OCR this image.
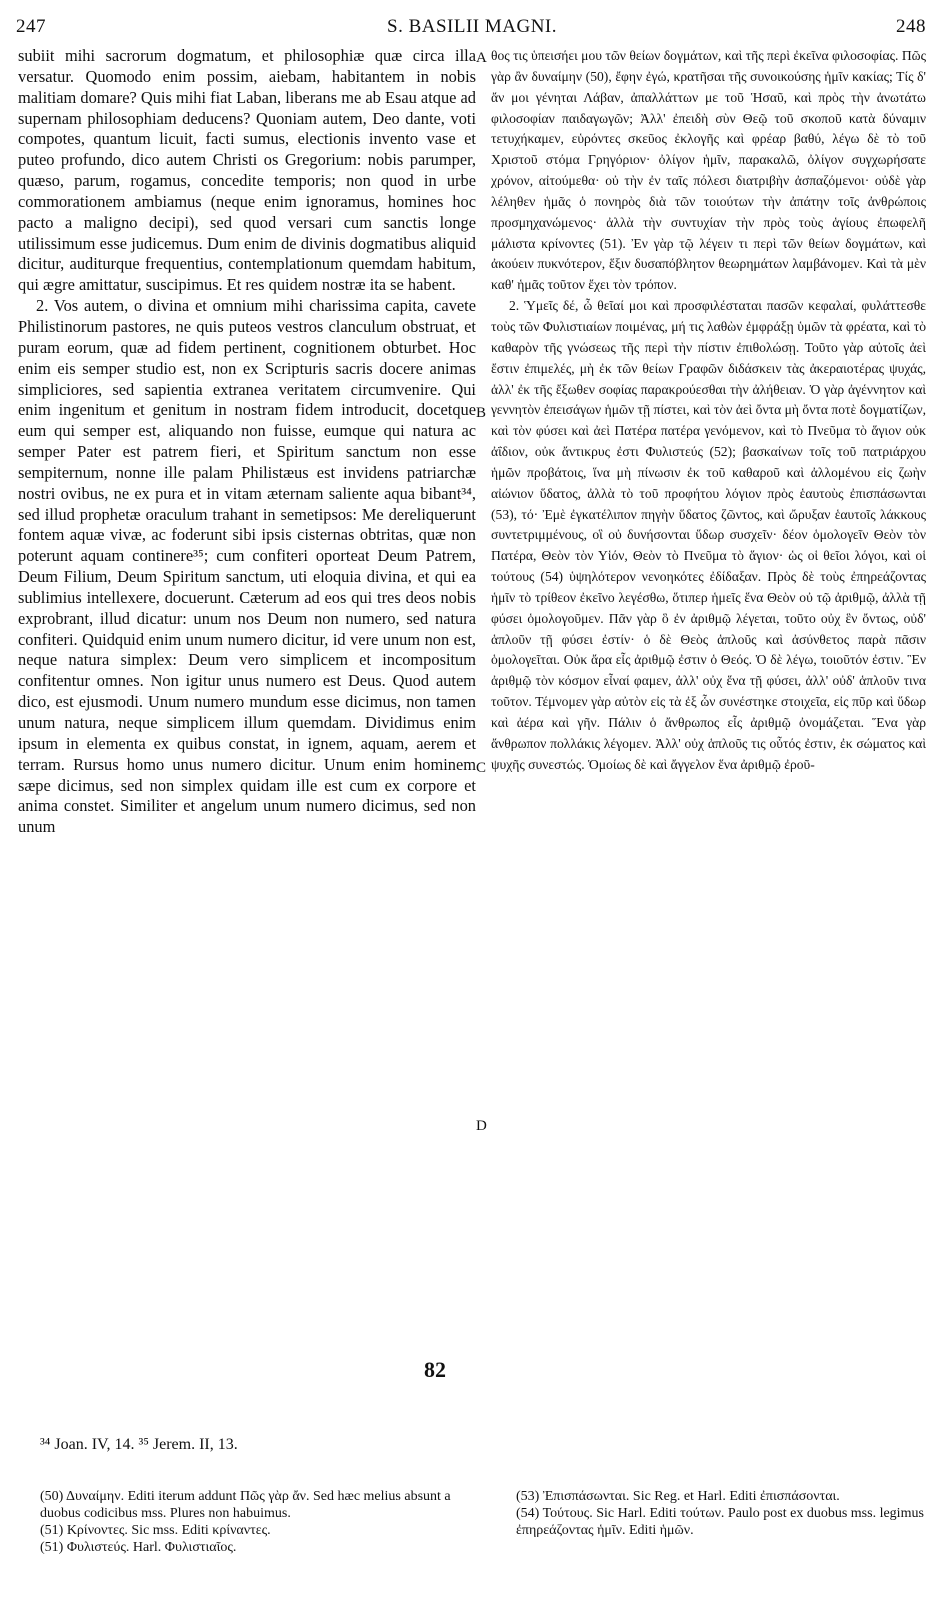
S. BASILII MAGNI.
247	248

subiit mihi sacrorum dogmatum, et philosophiæ quæ circa illa versatur. Quomodo enim possim, aiebam, habitantem in nobis malitiam domare? Quis mihi fiat Laban, liberans me ab Esau atque ad supernam philosophiam deducens? Quoniam autem, Deo dante, voti compotes, quantum licuit, facti sumus, electionis invento vase et puteo profundo, dico autem Christi os Gregorium: nobis parumper, quæso, parum, rogamus, concedite temporis; non quod in urbe commorationem ambiamus (neque enim ignoramus, homines hoc pacto a maligno decipi), sed quod versari cum sanctis longe utilissimum esse judicemus. Dum enim de divinis dogmatibus aliquid dicitur, auditurque frequentius, contemplationum quemdam habitum, qui ægre amittatur, suscipimus. Et res quidem nostræ ita se habent.

2. Vos autem, o divina et omnium mihi charissima capita, cavete Philistinorum pastores, ne quis puteos vestros clanculum obstruat, et puram eorum, quæ ad fidem pertinent, cognitionem obturbet. Hoc enim eis semper studio est, non ex Scripturis sacris docere animas simpliciores, sed sapientia extranea veritatem circumvenire. Qui enim ingenitum et genitum in nostram fidem introducit, docetque eum qui semper est, aliquando non fuisse, eumque qui natura ac semper Pater est patrem fieri, et Spiritum sanctum non esse sempiternum, nonne ille palam Philistæus est invidens patriarchæ nostri ovibus, ne ex pura et in vitam æternam saliente aqua bibant³⁴, sed illud prophetæ oraculum trahant in semetipsos: Me dereliquerunt fontem aquæ vivæ, ac foderunt sibi ipsis cisternas obtritas, quæ non poterunt aquam continere³⁵; cum confiteri oporteat Deum Patrem, Deum Filium, Deum Spiritum sanctum, uti eloquia divina, et qui ea sublimius intellexere, docuerunt. Cæterum ad eos qui tres deos nobis exprobrant, illud dicatur: unum nos Deum non numero, sed natura confiteri. Quidquid enim unum numero dicitur, id vere unum non est, neque natura simplex: Deum vero simplicem et incompositum confitentur omnes. Non igitur unus numero est Deus. Quod autem dico, est ejusmodi. Unum numero mundum esse dicimus, non tamen unum natura, neque simplicem illum quemdam. Dividimus enim ipsum in elementa ex quibus constat, in ignem, aquam, aerem et terram. Rursus homo unus numero dicitur. Unum enim hominem sæpe dicimus, sed non simplex quidam ille est cum ex corpore et anima constet. Similiter et angelum unum numero dicimus, sed non unum

θος τις ὑπεισήει μου τῶν θείων δογμάτων, καὶ τῆς περὶ ἐκεῖνα φιλοσοφίας. Πῶς γὰρ ἂν δυναίμην (50), ἔφην ἐγώ, κρατῆσαι τῆς συνοικούσης ἡμῖν κακίας; Τίς δ' ἄν μοι γένηται Λάβαν, ἀπαλλάττων με τοῦ Ἡσαῦ, καὶ πρὸς τὴν ἀνωτάτω φιλοσοφίαν παιδαγωγῶν; Ἀλλ' ἐπειδὴ σὺν Θεῷ τοῦ σκοποῦ κατὰ δύναμιν τετυχήκαμεν, εὑρόντες σκεῦος ἐκλογῆς καὶ φρέαρ βαθύ, λέγω δὲ τὸ τοῦ Χριστοῦ στόμα Γρηγόριον· ὀλίγον ἡμῖν, παρακαλῶ, ὀλίγον συγχωρήσατε χρόνον, αἰτούμεθα· οὐ τὴν ἐν ταῖς πόλεσι διατριβὴν ἀσπαζόμενοι· οὐδὲ γὰρ λέληθεν ἡμᾶς ὁ πονηρὸς διὰ τῶν τοιούτων τὴν ἀπάτην τοῖς ἀνθρώποις προσμηχανώμενος· ἀλλὰ τὴν συντυχίαν τὴν πρὸς τοὺς ἁγίους ἐπωφελῆ μάλιστα κρίνοντες (51). Ἐν γὰρ τῷ λέγειν τι περὶ τῶν θείων δογμάτων, καὶ ἀκούειν πυκνότερον, ἕξιν δυσαπόβλητον θεωρημάτων λαμβάνομεν. Καὶ τὰ μὲν καθ' ἡμᾶς τοῦτον ἔχει τὸν τρόπον.

2. Ὑμεῖς δέ, ὦ θεῖαί μοι καὶ προσφιλέσταται πασῶν κεφαλαί, φυλάττεσθε τοὺς τῶν Φυλιστιαίων ποιμένας, μή τις λαθὼν ἐμφράξῃ ὑμῶν τὰ φρέατα, καὶ τὸ καθαρὸν τῆς γνώσεως τῆς περὶ τὴν πίστιν ἐπιθολώσῃ. Τοῦτο γὰρ αὐτοῖς ἀεὶ ἔστιν ἐπιμελές, μὴ ἐκ τῶν θείων Γραφῶν διδάσκειν τὰς ἀκεραιοτέρας ψυχάς, ἀλλ' ἐκ τῆς ἔξωθεν σοφίας παρακρούεσθαι τὴν ἀλήθειαν. Ὁ γὰρ ἀγέννητον καὶ γεννητὸν ἐπεισάγων ἡμῶν τῇ πίστει, καὶ τὸν ἀεὶ ὄντα μὴ ὄντα ποτὲ δογματίζων, καὶ τὸν φύσει καὶ ἀεὶ Πατέρα πατέρα γενόμενον, καὶ τὸ Πνεῦμα τὸ ἅγιον οὐκ ἀΐδιον, οὐκ ἄντικρυς ἐστι Φυλιστεύς (52); βασκαίνων τοῖς τοῦ πατριάρχου ἡμῶν προβάτοις, ἵνα μὴ πίνωσιν ἐκ τοῦ καθαροῦ καὶ ἀλλομένου εἰς ζωὴν αἰώνιον ὕδατος, ἀλλὰ τὸ τοῦ προφήτου λόγιον πρὸς ἑαυτοὺς ἐπισπάσωνται (53), τό· Ἐμὲ ἐγκατέλιπον πηγὴν ὕδατος ζῶντος, καὶ ὤρυξαν ἑαυτοῖς λάκκους συντετριμμένους, οἳ οὐ δυνήσονται ὕδωρ συσχεῖν· δέον ὁμολογεῖν Θεὸν τὸν Πατέρα, Θεὸν τὸν Υἱόν, Θεὸν τὸ Πνεῦμα τὸ ἅγιον· ὡς οἱ θεῖοι λόγοι, καὶ οἱ τούτους (54) ὑψηλότερον νενοηκότες ἐδίδαξαν. Πρὸς δὲ τοὺς ἐπηρεάζοντας ἡμῖν τὸ τρίθεον ἐκεῖνο λεγέσθω, ὅτιπερ ἡμεῖς ἕνα Θεὸν οὐ τῷ ἀριθμῷ, ἀλλὰ τῇ φύσει ὁμολογοῦμεν. Πᾶν γὰρ ὃ ἐν ἀριθμῷ λέγεται, τοῦτο οὐχ ἓν ὄντως, οὐδ' ἁπλοῦν τῇ φύσει ἐστίν· ὁ δὲ Θεὸς ἁπλοῦς καὶ ἀσύνθετος παρὰ πᾶσιν ὁμολογεῖται. Οὐκ ἄρα εἷς ἀριθμῷ ἐστιν ὁ Θεός. Ὁ δὲ λέγω, τοιοῦτόν ἐστιν. Ἓν ἀριθμῷ τὸν κόσμον εἶναί φαμεν, ἀλλ' οὐχ ἕνα τῇ φύσει, ἀλλ' οὐδ' ἁπλοῦν τινα τοῦτον. Τέμνομεν γὰρ αὐτὸν εἰς τὰ ἐξ ὧν συνέστηκε στοιχεῖα, εἰς πῦρ καὶ ὕδωρ καὶ ἀέρα καὶ γῆν. Πάλιν ὁ ἄνθρωπος εἷς ἀριθμῷ ὀνομάζεται. Ἕνα γὰρ ἄνθρωπον πολλάκις λέγομεν. Ἀλλ' οὐχ ἁπλοῦς τις οὗτός ἐστιν, ἐκ σώματος καὶ ψυχῆς συνεστώς. Ὁμοίως δὲ καὶ ἄγγελον ἕνα ἀριθμῷ ἐροῦ-

A
B
C
D
82
³⁴ Joan. IV, 14. ³⁵ Jerem. II, 13.

(50) Δυναίμην. Editi iterum addunt Πῶς γὰρ ἄν. Sed hæc melius absunt a duobus codicibus mss. Plures non habuimus.

(51) Κρίνοντες. Sic mss. Editi κρίναντες.

(51) Φυλιστεύς. Harl. Φυλιστιαῖος.

(53) Ἐπισπάσωνται. Sic Reg. et Harl. Editi ἐπισπάσονται.

(54) Τούτους. Sic Harl. Editi τούτων. Paulo post ex duobus mss. legimus ἐπηρεάζοντας ἡμῖν. Editi ἡμῶν.
